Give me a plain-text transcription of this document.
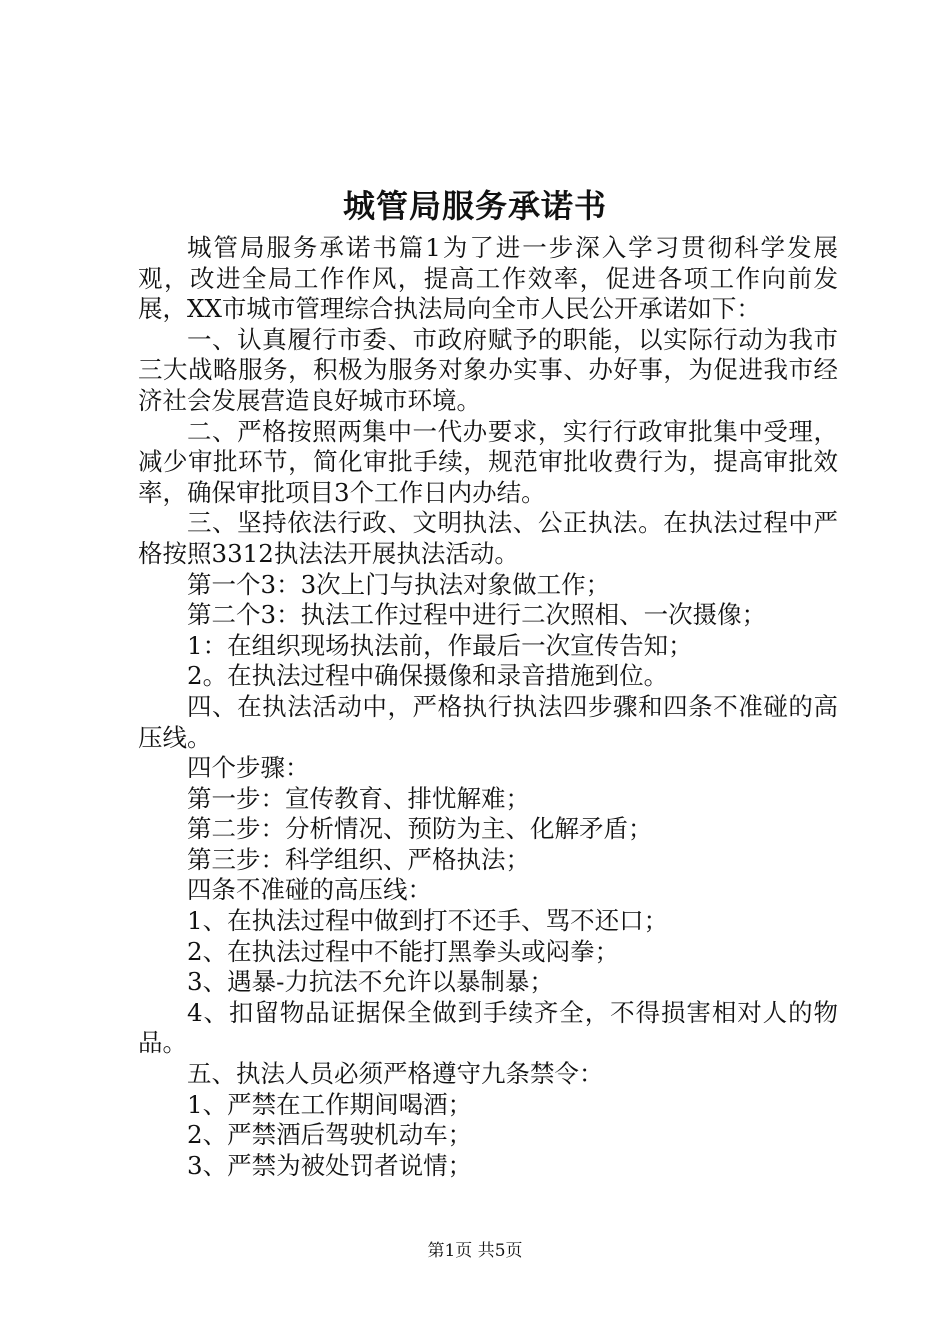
城管局服务承诺书

城管局服务承诺书篇1为了进一步深入学习贯彻科学发展观，改进全局工作作风，提高工作效率，促进各项工作向前发展，XX市城市管理综合执法局向全市人民公开承诺如下：

一、认真履行市委、市政府赋予的职能，以实际行动为我市三大战略服务，积极为服务对象办实事、办好事，为促进我市经济社会发展营造良好城市环境。

二、严格按照两集中一代办要求，实行行政审批集中受理，减少审批环节，简化审批手续，规范审批收费行为，提高审批效率，确保审批项目3个工作日内办结。

三、坚持依法行政、文明执法、公正执法。在执法过程中严格按照3312执法法开展执法活动。

第一个3：3次上门与执法对象做工作；

第二个3：执法工作过程中进行二次照相、一次摄像；

1：在组织现场执法前，作最后一次宣传告知；

2。在执法过程中确保摄像和录音措施到位。

四、在执法活动中，严格执行执法四步骤和四条不准碰的高压线。

四个步骤：

第一步：宣传教育、排忧解难；

第二步：分析情况、预防为主、化解矛盾；

第三步：科学组织、严格执法；

四条不准碰的高压线：

1、在执法过程中做到打不还手、骂不还口；

2、在执法过程中不能打黑拳头或闷拳；

3、遇暴-力抗法不允许以暴制暴；

4、扣留物品证据保全做到手续齐全，不得损害相对人的物品。

五、执法人员必须严格遵守九条禁令：

1、严禁在工作期间喝酒；

2、严禁酒后驾驶机动车；

3、严禁为被处罚者说情；

第1页 共5页
